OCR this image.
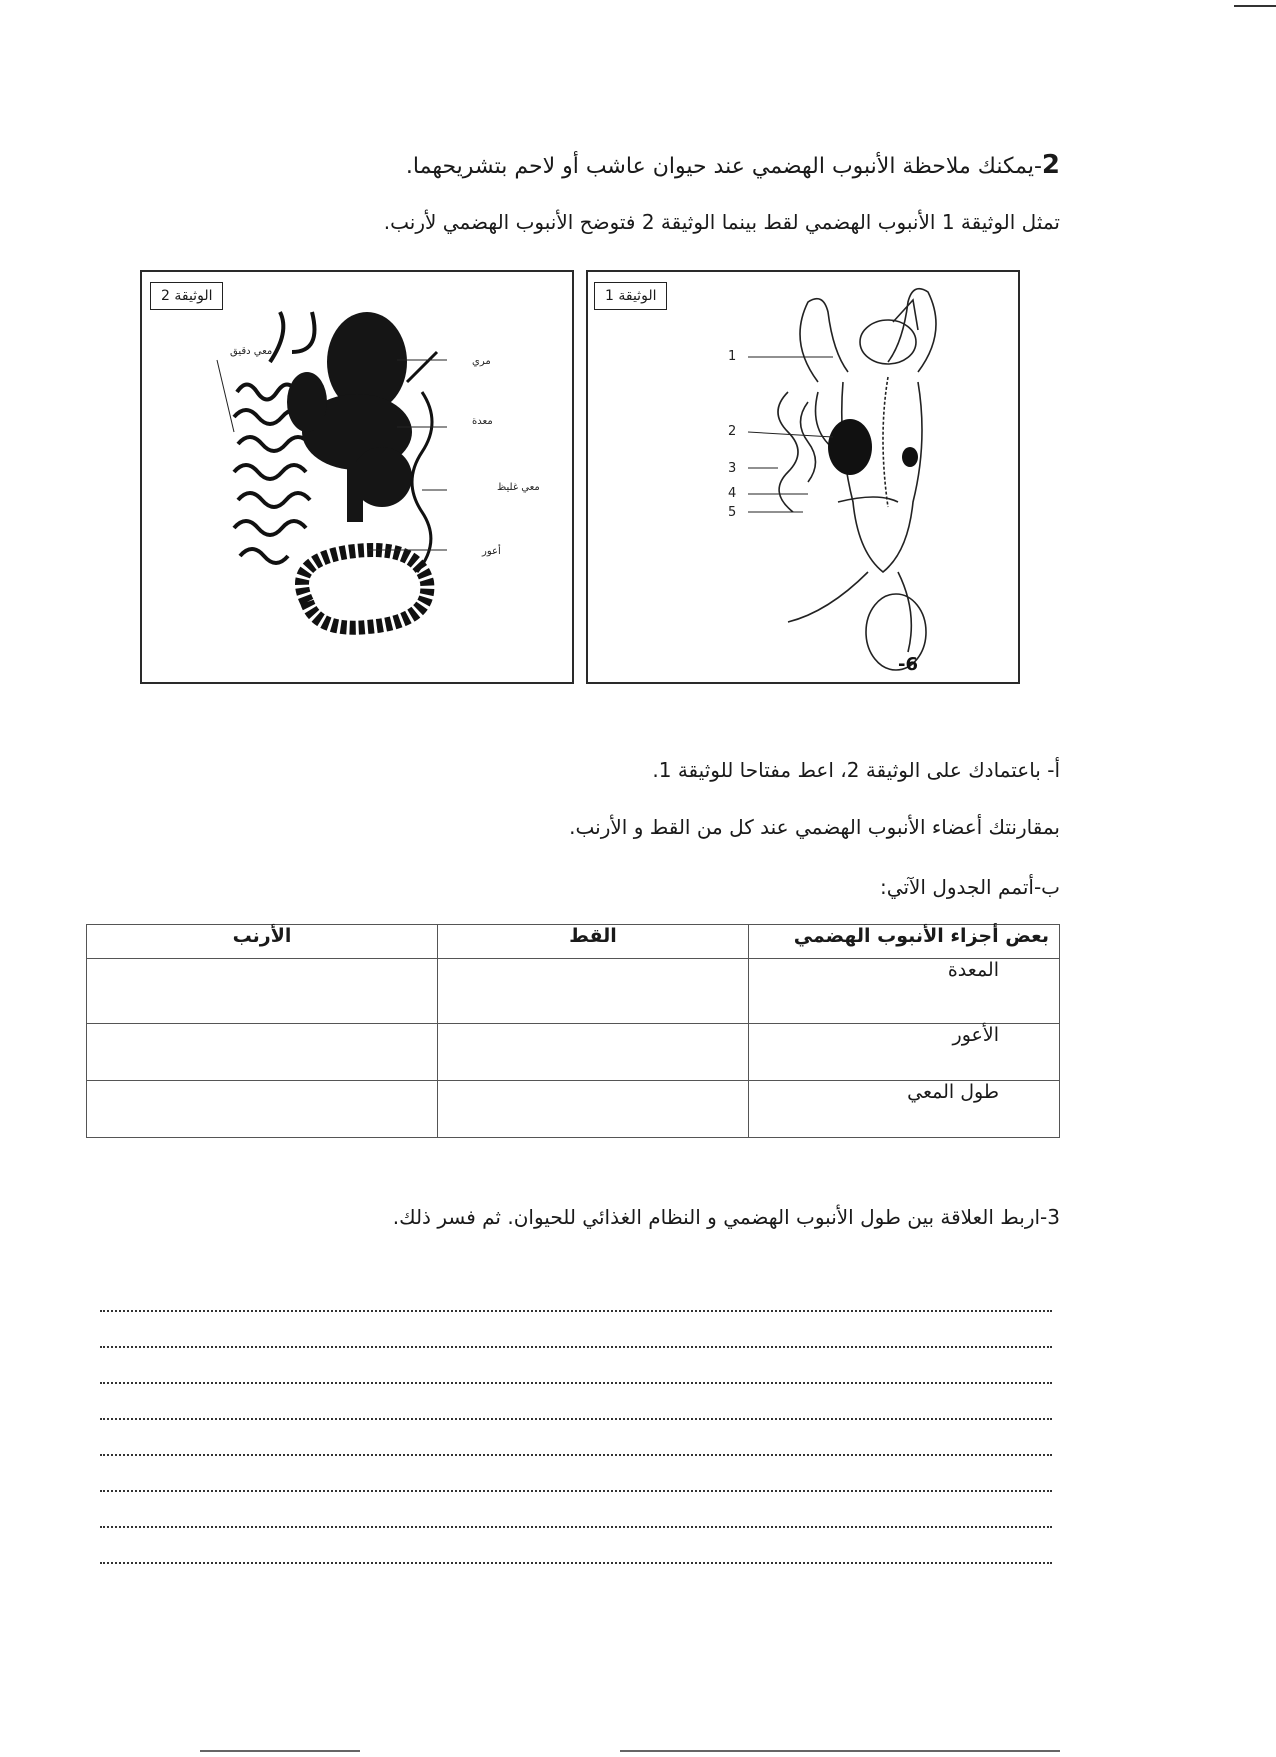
2-يمكنك ملاحظة الأنبوب الهضمي عند حيوان عاشب أو لاحم بتشريحهما.
تمثل الوثيقة 1 الأنبوب الهضمي لقط بينما الوثيقة 2 فتوضح الأنبوب الهضمي لأرنب.
معي دقيق
مري
معدة
معي غليظ
أعور
الوثيقة 2
1
2
3
4
5
6-
الوثيقة 1
أ- باعتمادك على الوثيقة 2، اعط مفتاحا للوثيقة 1.
بمقارنتك أعضاء الأنبوب الهضمي عند كل من القط و الأرنب.
ب-أتمم الجدول الآتي:
بعض أجزاء الأنبوب الهضمي	القط	الأرنب
المعدة		
الأعور		
طول المعي		
3-اربط العلاقة بين طول الأنبوب الهضمي و النظام الغذائي للحيوان. ثم فسر ذلك.
